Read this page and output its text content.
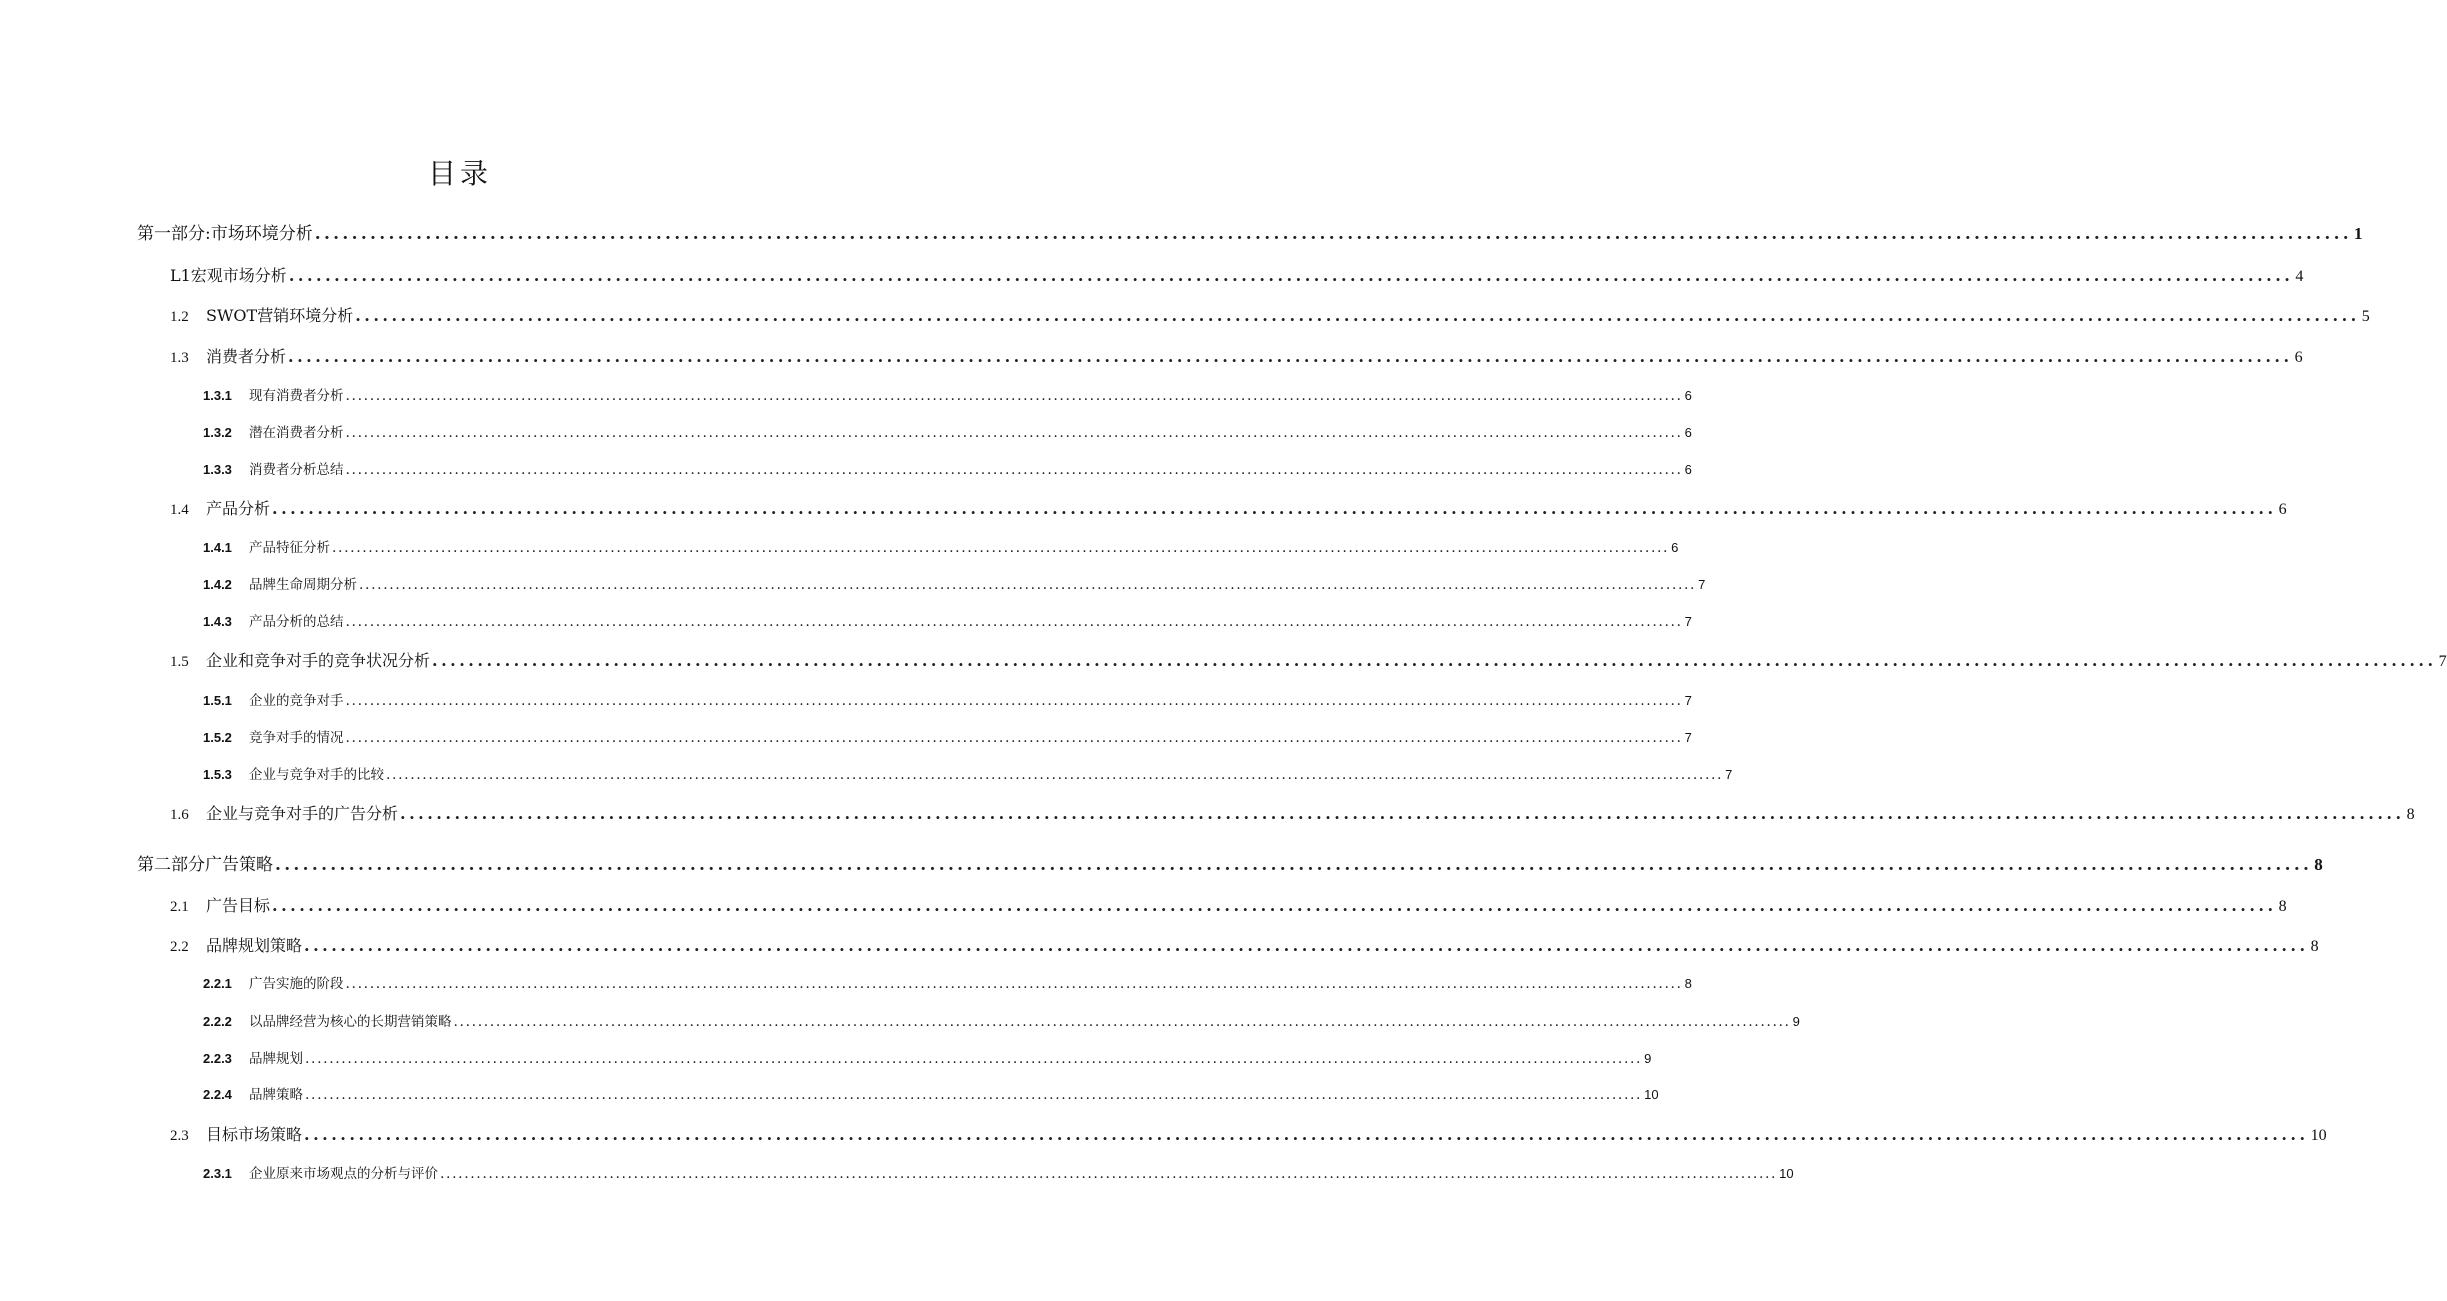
目录
第一部分:市场环境分析 ............................................................................................................................................................................................................................. 1
L1宏观市场分析 ............................................................................................................................................................................................................................. 4
1.2	SWOT营销环境分析 ............................................................................................................................................................................................................................. 5
1.3	消费者分析 ............................................................................................................................................................................................................................. 6
1.3.1	现有消费者分析 ............................................................................................................................................................................................................................. 6
1.3.2	潜在消费者分析 ............................................................................................................................................................................................................................. 6
1.3.3	消费者分析总结 ............................................................................................................................................................................................................................. 6
1.4	产品分析 ............................................................................................................................................................................................................................. 6
1.4.1	产品特征分析 ............................................................................................................................................................................................................................. 6
1.4.2	品牌生命周期分析 ............................................................................................................................................................................................................................. 7
1.4.3	产品分析的总结 ............................................................................................................................................................................................................................. 7
1.5	企业和竞争对手的竞争状况分析 ............................................................................................................................................................................................................................. 7
1.5.1	企业的竞争对手 ............................................................................................................................................................................................................................. 7
1.5.2	竞争对手的情况 ............................................................................................................................................................................................................................. 7
1.5.3	企业与竞争对手的比较 ............................................................................................................................................................................................................................. 7
1.6	企业与竞争对手的广告分析 ............................................................................................................................................................................................................................. 8
第二部分广告策略 ............................................................................................................................................................................................................................. 8
2.1	广告目标 ............................................................................................................................................................................................................................. 8
2.2	品牌规划策略 ............................................................................................................................................................................................................................. 8
2.2.1	广告实施的阶段 ............................................................................................................................................................................................................................. 8
2.2.2	以品牌经营为核心的长期营销策略 ............................................................................................................................................................................................................................. 9
2.2.3	品牌规划 ............................................................................................................................................................................................................................. 9
2.2.4	品牌策略 ............................................................................................................................................................................................................................. 10
2.3	目标市场策略 ............................................................................................................................................................................................................................. 10
2.3.1	企业原来市场观点的分析与评价 ............................................................................................................................................................................................................................. 10
